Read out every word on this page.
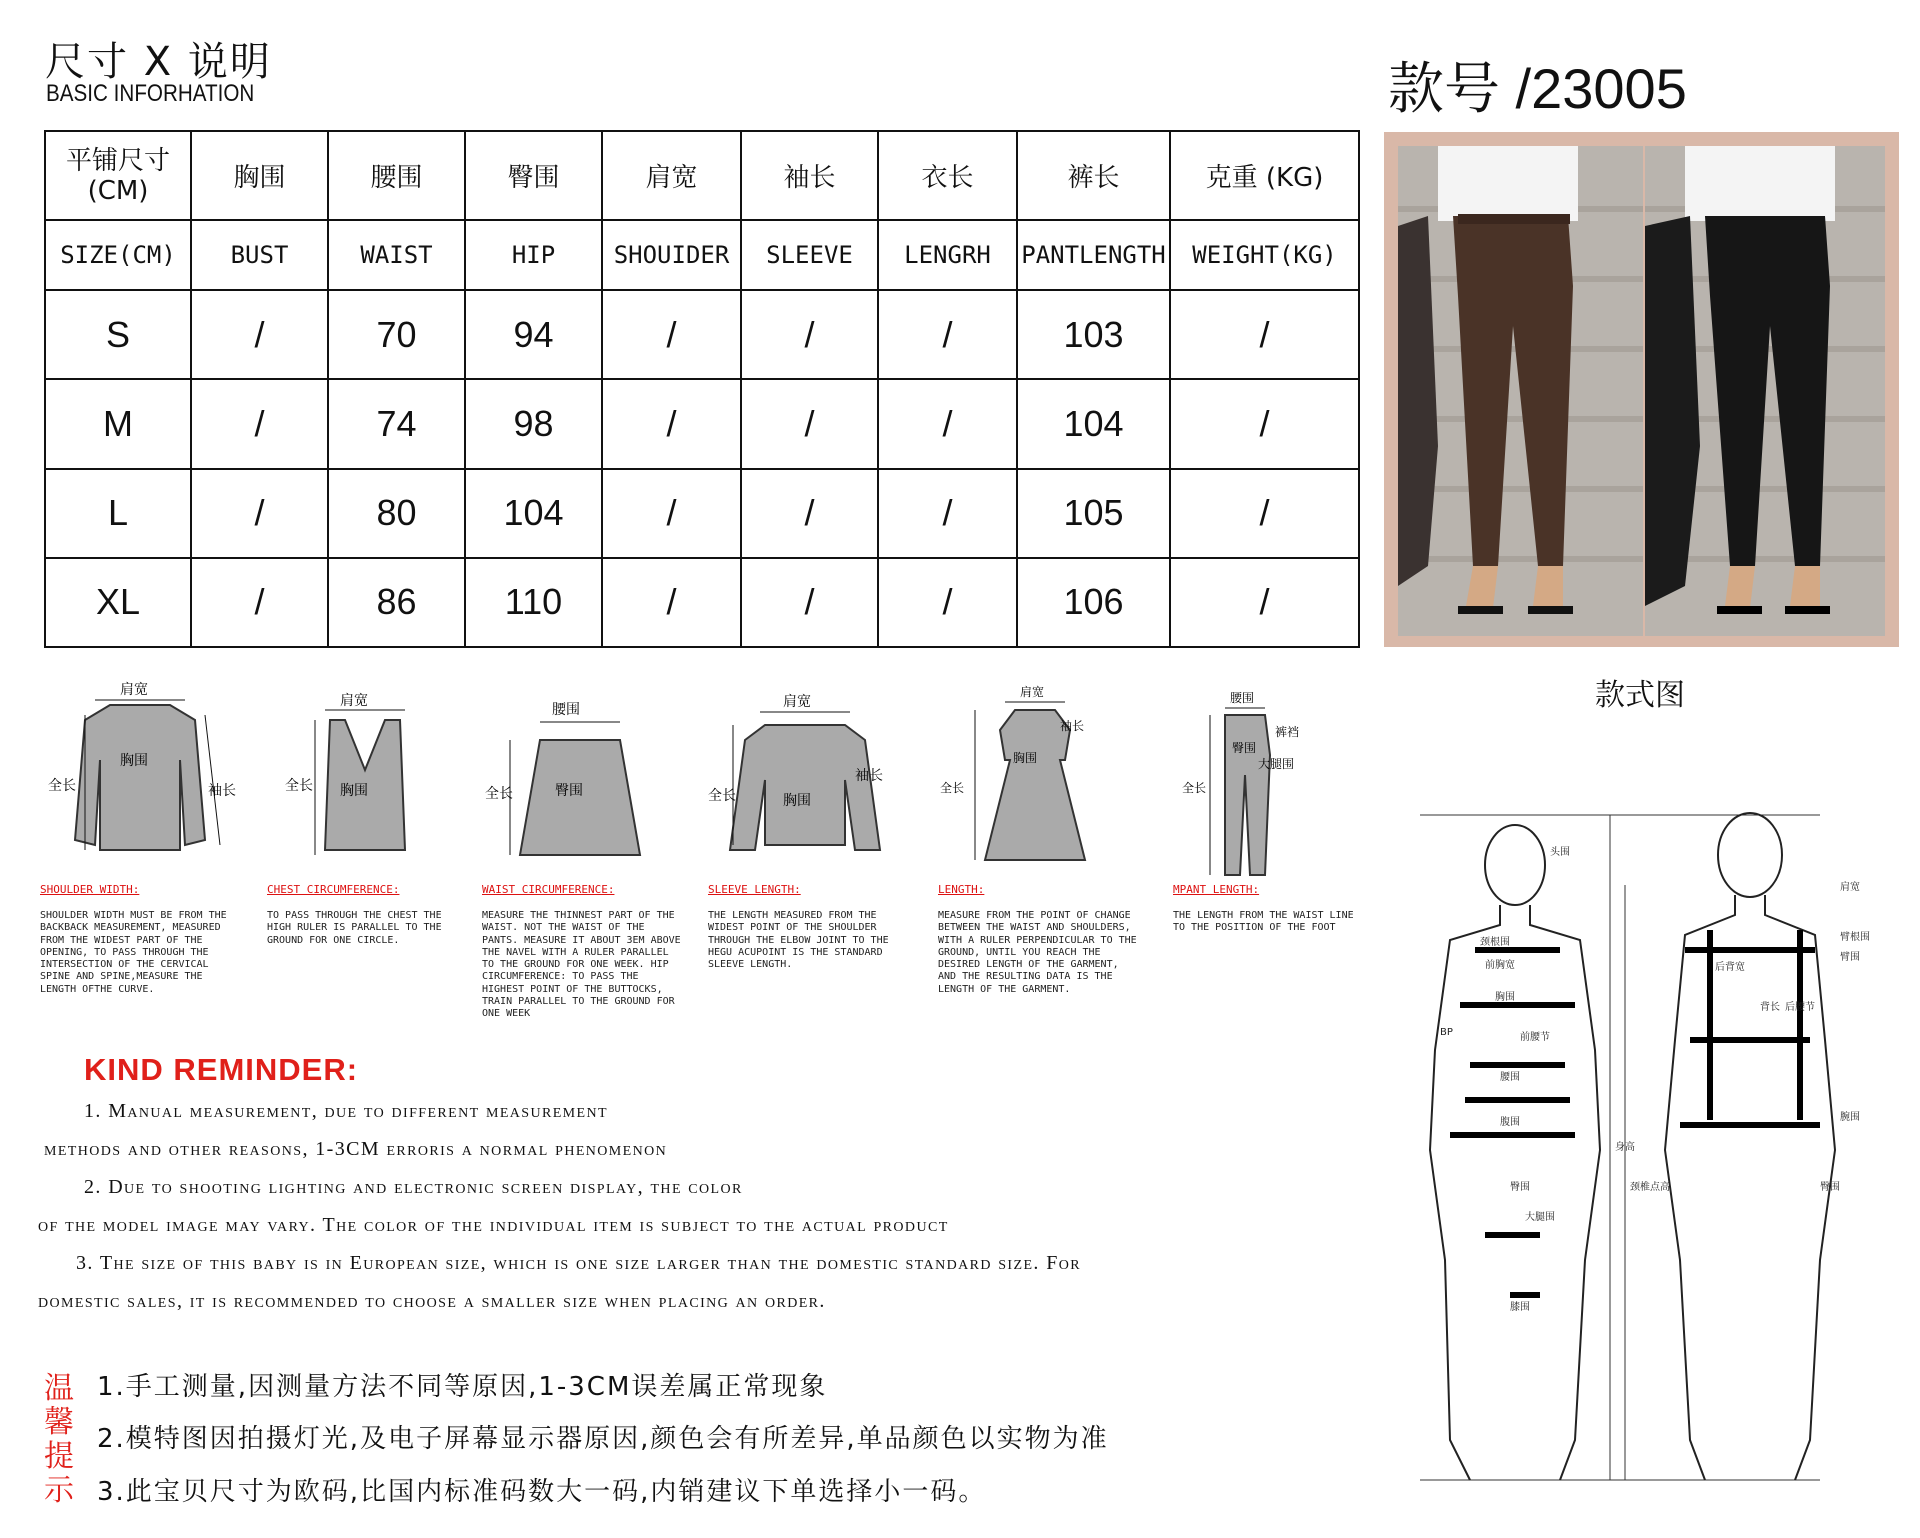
尺寸 X 说明
BASIC INFORHATION	款号 /23005
平铺尺寸
(CM)	胸围	腰围	臀围	肩宽	袖长	衣长	裤长	克重 (KG)
SIZE(CM)	BUST	WAIST	HIP	SHOUIDER	SLEEVE	LENGRH	PANTLENGTH	WEIGHT(KG)
S	/	70	94	/	/	/	103	/
M	/	74	98	/	/	/	104	/
L	/	80	104	/	/	/	105	/
XL	/	86	110	/	/	/	106	/
款式图
肩宽
胸围
全长	袖长
SHOULDER WIDTH:
SHOULDER WIDTH MUST BE FROM THE BACKBACK MEASUREMENT, MEASURED FROM THE WIDEST PART OF THE OPENING, TO PASS THROUGH THE INTERSECTION OF THE CERVICAL SPINE AND SPINE,MEASURE THE LENGTH OFTHE CURVE.
肩宽
胸围
全长
CHEST CIRCUMFERENCE:
TO PASS THROUGH THE CHEST THE HIGH RULER IS PARALLEL TO THE GROUND FOR ONE CIRCLE.
腰围
臀围
全长
WAIST CIRCUMFERENCE:
MEASURE THE THINNEST PART OF THE WAIST. NOT THE WAIST OF THE PANTS. MEASURE IT ABOUT 3EM ABOVE THE NAVEL WITH A RULER PARALLEL TO THE GROUND FOR ONE WEEK. HIP CIRCUMFERENCE: TO PASS THE HIGHEST POINT OF THE BUTTOCKS, TRAIN PARALLEL TO THE GROUND FOR ONE WEEK
肩宽
胸围
全长
袖长
SLEEVE LENGTH:
THE LENGTH MEASURED FROM THE WIDEST POINT OF THE SHOULDER THROUGH THE ELBOW JOINT TO THE HEGU ACUPOINT IS THE STANDARD SLEEVE LENGTH.
肩宽
袖长
胸围
全长
LENGTH:
MEASURE FROM THE POINT OF CHANGE BETWEEN THE WAIST AND SHOULDERS, WITH A RULER PERPENDICULAR TO THE GROUND, UNTIL YOU REACH THE DESIRED LENGTH OF THE GARMENT, AND THE RESULTING DATA IS THE LENGTH OF THE GARMENT.
腰围
裤裆
臀围
大腿围
全长
MPANT LENGTH:
THE LENGTH FROM THE WAIST LINE TO THE POSITION OF THE FOOT
KIND REMINDER:
1. Manual measurement, due to different measurement
methods and other reasons, 1-3CM erroris a normal phenomenon
2. Due to shooting lighting and electronic screen display, the color
of the model image may vary. The color of the individual item is subject to the actual product
3. The size of this baby is in European size, which is one size larger than the domestic standard size. For
domestic sales, it is recommended to choose a smaller size when placing an order.
温
馨
提
示
1.手工测量,因测量方法不同等原因,1-3CM误差属正常现象
2.模特图因拍摄灯光,及电子屏幕显示器原因,颜色会有所差异,单品颜色以实物为准
3.此宝贝尺寸为欧码,比国内标准码数大一码,内销建议下单选择小一码。
头围
颈根围
前胸宽
胸围
BP	前腰节
腰围
腹围
臀围
大腿围
膝围
身高
颈椎点高
肩宽
臂根围
臂围
后背宽
背长 后腰节
腕围
臀围
